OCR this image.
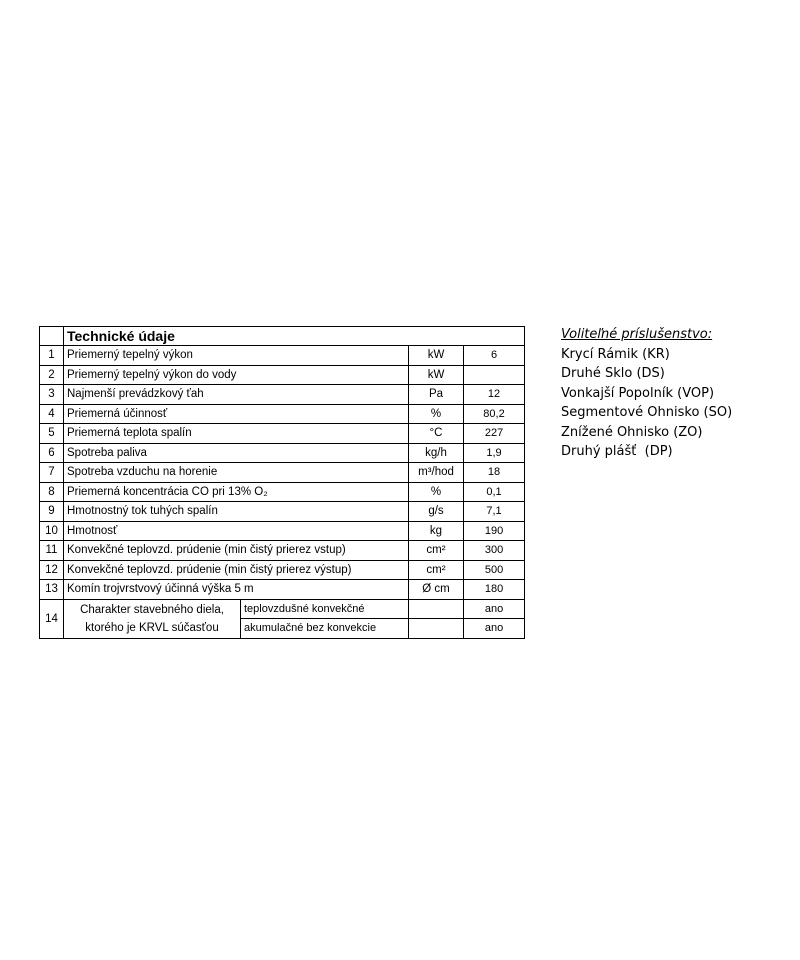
	Technické údaje			
1	Priemerný tepelný výkon		kW	6
2	Priemerný tepelný výkon do vody		kW	
3	Najmenší prevádzkový ťah		Pa	12
4	Priemerná účinnosť		%	80,2
5	Priemerná teplota spalín		°C	227
6	Spotreba paliva		kg/h	1,9
7	Spotreba vzduchu na horenie		m³/hod	18
8	Priemerná koncentrácia CO pri 13% O₂		%	0,1
9	Hmotnostný tok tuhých spalín		g/s	7,1
10	Hmotnosť		kg	190
11	Konvekčné teplovzd. prúdenie (min čistý prierez vstup)		cm²	300
12	Konvekčné teplovzd. prúdenie (min čistý prierez výstup)		cm²	500
13	Komín trojvrstvový účinná výška 5 m		Ø cm	180
14	Charakter stavebného diela,
ktorého je KRVL súčasťou	teplovzdušné konvekčné		ano
		akumulačné bez konvekcie		ano
Voliteľné príslušenstvo:
Krycí Rámik (KR)
Druhé Sklo (DS)
Vonkajší Popolník (VOP)
Segmentové Ohnisko (SO)
Znížené Ohnisko (ZO)
Druhý plášť  (DP)
